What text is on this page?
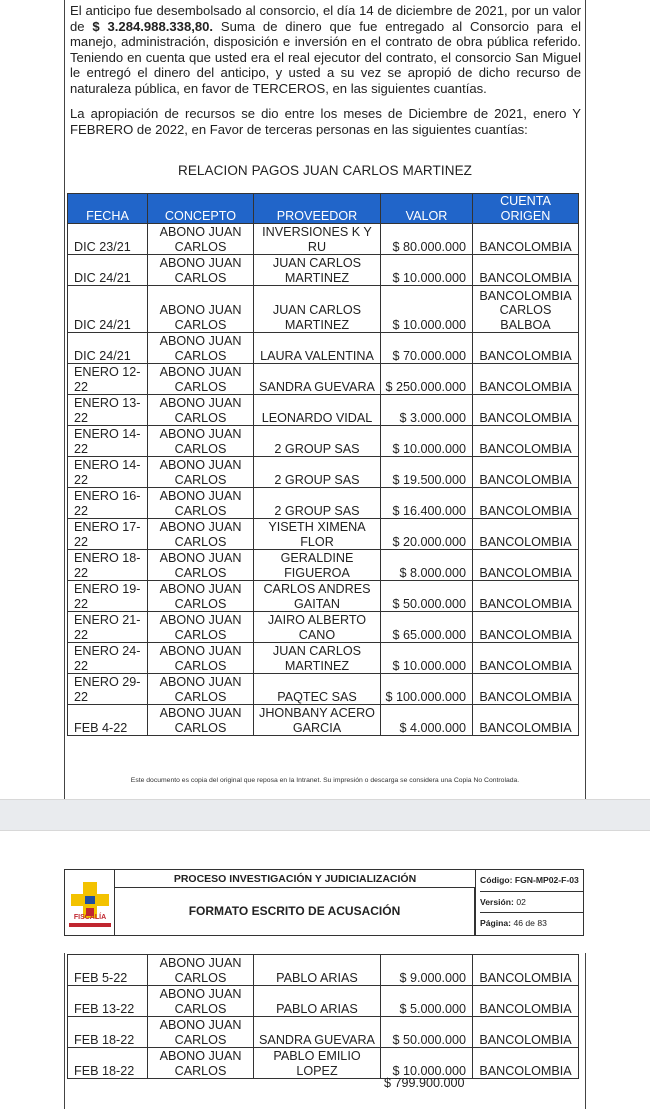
El anticipo fue desembolsado al consorcio, el día 14 de diciembre de 2021, por un valor de $ 3.284.988.338,80. Suma de dinero que fue entregado al Consorcio para el manejo, administración, disposición e inversión en el contrato de obra pública referido. Teniendo en cuenta que usted era el real ejecutor del contrato, el consorcio San Miguel le entregó el dinero del anticipo, y usted a su vez se apropió de dicho recurso de naturaleza pública, en favor de TERCEROS, en las siguientes cuantías.
La apropiación de recursos se dio entre los meses de Diciembre de 2021, enero Y FEBRERO de 2022, en Favor de terceras personas en las siguientes cuantías:
RELACION PAGOS JUAN CARLOS MARTINEZ
FECHA	CONCEPTO	PROVEEDOR	VALOR	CUENTA ORIGEN
DIC 23/21	ABONO JUAN CARLOS	INVERSIONES K Y RU	$ 80.000.000	BANCOLOMBIA
DIC 24/21	ABONO JUAN CARLOS	JUAN CARLOS MARTINEZ	$ 10.000.000	BANCOLOMBIA
DIC 24/21	ABONO JUAN CARLOS	JUAN CARLOS MARTINEZ	$ 10.000.000	BANCOLOMBIA CARLOS BALBOA
DIC 24/21	ABONO JUAN CARLOS	LAURA VALENTINA	$ 70.000.000	BANCOLOMBIA
ENERO 12-22	ABONO JUAN CARLOS	SANDRA GUEVARA	$ 250.000.000	BANCOLOMBIA
ENERO 13-22	ABONO JUAN CARLOS	LEONARDO VIDAL	$ 3.000.000	BANCOLOMBIA
ENERO 14-22	ABONO JUAN CARLOS	2 GROUP SAS	$ 10.000.000	BANCOLOMBIA
ENERO 14-22	ABONO JUAN CARLOS	2 GROUP SAS	$ 19.500.000	BANCOLOMBIA
ENERO 16-22	ABONO JUAN CARLOS	2 GROUP SAS	$ 16.400.000	BANCOLOMBIA
ENERO 17-22	ABONO JUAN CARLOS	YISETH XIMENA FLOR	$ 20.000.000	BANCOLOMBIA
ENERO 18-22	ABONO JUAN CARLOS	GERALDINE FIGUEROA	$ 8.000.000	BANCOLOMBIA
ENERO 19-22	ABONO JUAN CARLOS	CARLOS ANDRES GAITAN	$ 50.000.000	BANCOLOMBIA
ENERO 21-22	ABONO JUAN CARLOS	JAIRO ALBERTO CANO	$ 65.000.000	BANCOLOMBIA
ENERO 24-22	ABONO JUAN CARLOS	JUAN CARLOS MARTINEZ	$ 10.000.000	BANCOLOMBIA
ENERO 29-22	ABONO JUAN CARLOS	PAQTEC SAS	$ 100.000.000	BANCOLOMBIA
FEB 4-22	ABONO JUAN CARLOS	JHONBANY ACERO GARCIA	$ 4.000.000	BANCOLOMBIA
Este documento es copia del original que reposa en la Intranet. Su impresión o descarga se considera una Copia No Controlada.
FISCALÍA
PROCESO INVESTIGACIÓN Y JUDICIALIZACIÓN
FORMATO ESCRITO DE ACUSACIÓN
Código: FGN-MP02-F-03
Versión: 02
Página: 46 de 83
FEB 5-22	ABONO JUAN CARLOS	PABLO ARIAS	$ 9.000.000	BANCOLOMBIA
FEB 13-22	ABONO JUAN CARLOS	PABLO ARIAS	$ 5.000.000	BANCOLOMBIA
FEB 18-22	ABONO JUAN CARLOS	SANDRA GUEVARA	$ 50.000.000	BANCOLOMBIA
FEB 18-22	ABONO JUAN CARLOS	PABLO EMILIO LOPEZ	$ 10.000.000	BANCOLOMBIA
$ 799.900.000
